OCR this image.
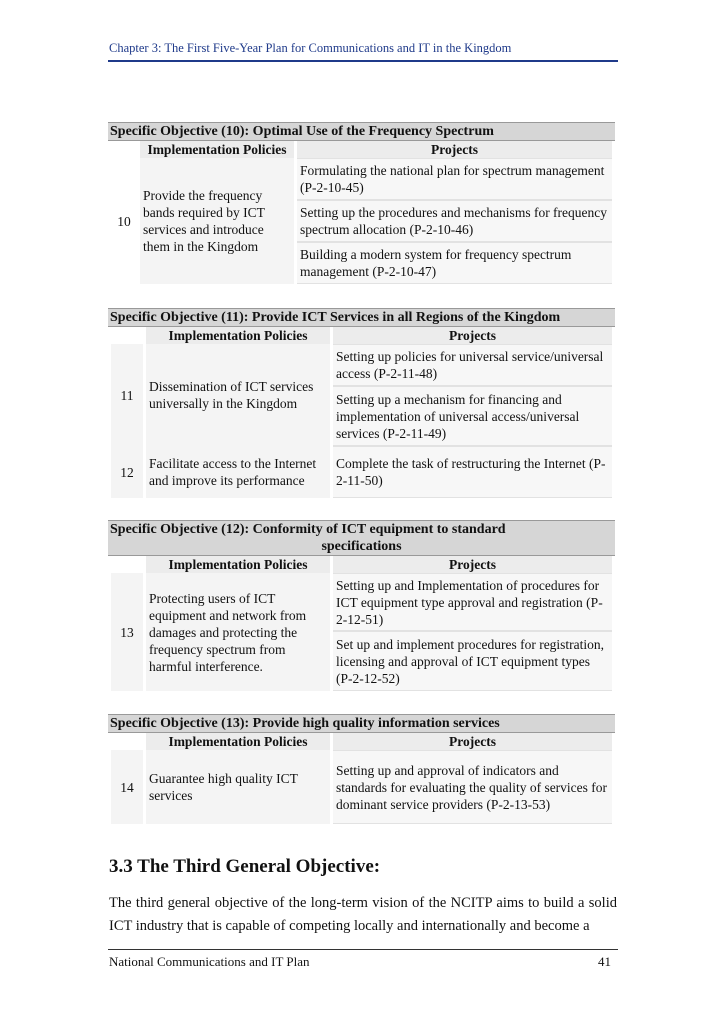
Chapter 3: The First Five-Year Plan for Communications and IT in the Kingdom
Specific Objective (10): Optimal Use of the Frequency Spectrum
	Implementation Policies	Projects
10	Provide the frequency bands required by ICT services and introduce them in the Kingdom	Formulating the national plan for spectrum management (P-2-10-45)
		Setting up the procedures and mechanisms for frequency spectrum allocation (P-2-10-46)
		Building a modern system for frequency spectrum management (P-2-10-47)
Specific Objective (11): Provide ICT Services in all Regions of the Kingdom
	Implementation Policies	Projects
11	Dissemination of ICT services universally in the Kingdom	Setting up policies for universal service/universal access (P-2-11-48)
		Setting up a mechanism for financing and implementation of universal access/universal services (P-2-11-49)
12	Facilitate access to the Internet and improve its performance	Complete the task of restructuring the Internet (P-2-11-50)
Specific Objective (12): Conformity of ICT equipment to standard
specifications
	Implementation Policies	Projects
13	Protecting users of ICT equipment and network from damages and protecting the frequency spectrum from harmful interference.	Setting up and Implementation of procedures for ICT equipment type approval and registration (P-2-12-51)
		Set up and implement procedures for registration, licensing and approval of ICT equipment types (P-2-12-52)
Specific Objective (13): Provide high quality information services
	Implementation Policies	Projects
14	Guarantee high quality ICT services	Setting up and approval of indicators and standards for evaluating the quality of services for dominant service providers (P-2-13-53)
3.3 The Third General Objective:
The third general objective of the long-term vision of the NCITP aims to build a solid ICT industry that is capable of competing locally and internationally and become a
National Communications and IT Plan	41
